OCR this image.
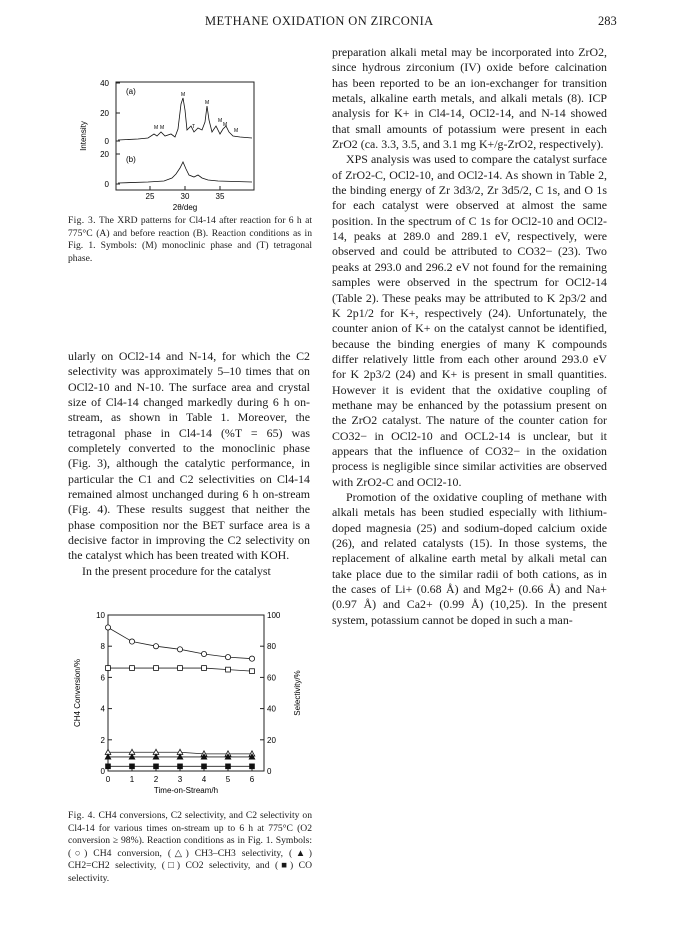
METHANE OXIDATION ON ZIRCONIA	283
40
20
0
20
0
Intensity
(a)
(b)
M M
M
T
M
M
M
M
25	30	35
2θ/deg
Fig. 3. The XRD patterns for Cl4-14 after reaction for 6 h at 775°C (A) and before reaction (B). Reaction conditions as in Fig. 1. Symbols: (M) monoclinic phase and (T) tetragonal phase.

ularly on OCl2-14 and N-14, for which the C2 selectivity was approximately 5–10 times that on OCl2-10 and N-10. The surface area and crystal size of Cl4-14 changed markedly during 6 h on-stream, as shown in Table 1. Moreover, the tetragonal phase in Cl4-14 (%T = 65) was completely converted to the monoclinic phase (Fig. 3), although the catalytic performance, in particular the C1 and C2 selectivities on Cl4-14 remained almost unchanged during 6 h on-stream (Fig. 4). These results suggest that neither the phase composition nor the BET surface area is a decisive factor in improving the C2 selectivity on the catalyst which has been treated with KOH.

In the present procedure for the catalyst

CH4 Conversion/%	Selectivity/%
Time-on-Stream/h
10
8
6
4
2
0
100
80
60
40
20
0
0 1 2 3 4 5 6
Fig. 4. CH4 conversions, C2 selectivity, and C2 selectivity on Cl4-14 for various times on-stream up to 6 h at 775°C (O2 conversion ≥ 98%). Reaction conditions as in Fig. 1. Symbols: (○) CH4 conversion, (△) CH3–CH3 selectivity, (▲) CH2=CH2 selectivity, (□) CO2 selectivity, and (■) CO selectivity.

preparation alkali metal may be incorporated into ZrO2, since hydrous zirconium (IV) oxide before calcination has been reported to be an ion-exchanger for transition metals, alkaline earth metals, and alkali metals (8). ICP analysis for K+ in Cl4-14, OCl2-14, and N-14 showed that small amounts of potassium were present in each ZrO2 (ca. 3.3, 3.5, and 3.1 mg K+/g-ZrO2, respectively).

XPS analysis was used to compare the catalyst surface of ZrO2-C, OCl2-10, and OCl2-14. As shown in Table 2, the binding energy of Zr 3d3/2, Zr 3d5/2, C 1s, and O 1s for each catalyst were observed at almost the same position. In the spectrum of C 1s for OCl2-10 and OCl2-14, peaks at 289.0 and 289.1 eV, respectively, were observed and could be attributed to CO32− (23). Two peaks at 293.0 and 296.2 eV not found for the remaining samples were observed in the spectrum for OCl2-14 (Table 2). These peaks may be attributed to K 2p3/2 and K 2p1/2 for K+, respectively (24). Unfortunately, the counter anion of K+ on the catalyst cannot be identified, because the binding energies of many K compounds differ relatively little from each other around 293.0 eV for K 2p3/2 (24) and K+ is present in small quantities. However it is evident that the oxidative coupling of methane may be enhanced by the potassium present on the ZrO2 catalyst. The nature of the counter cation for CO32− in OCl2-10 and OCL2-14 is unclear, but it appears that the influence of CO32− in the oxidation process is negligible since similar activities are observed with ZrO2-C and OCl2-10.

Promotion of the oxidative coupling of methane with alkali metals has been studied especially with lithium-doped magnesia (25) and sodium-doped calcium oxide (26), and related catalysts (15). In those systems, the replacement of alkaline earth metal by alkali metal can take place due to the similar radii of both cations, as in the cases of Li+ (0.68 Å) and Mg2+ (0.66 Å) and Na+ (0.97 Å) and Ca2+ (0.99 Å) (10,25). In the present system, potassium cannot be doped in such a man-
